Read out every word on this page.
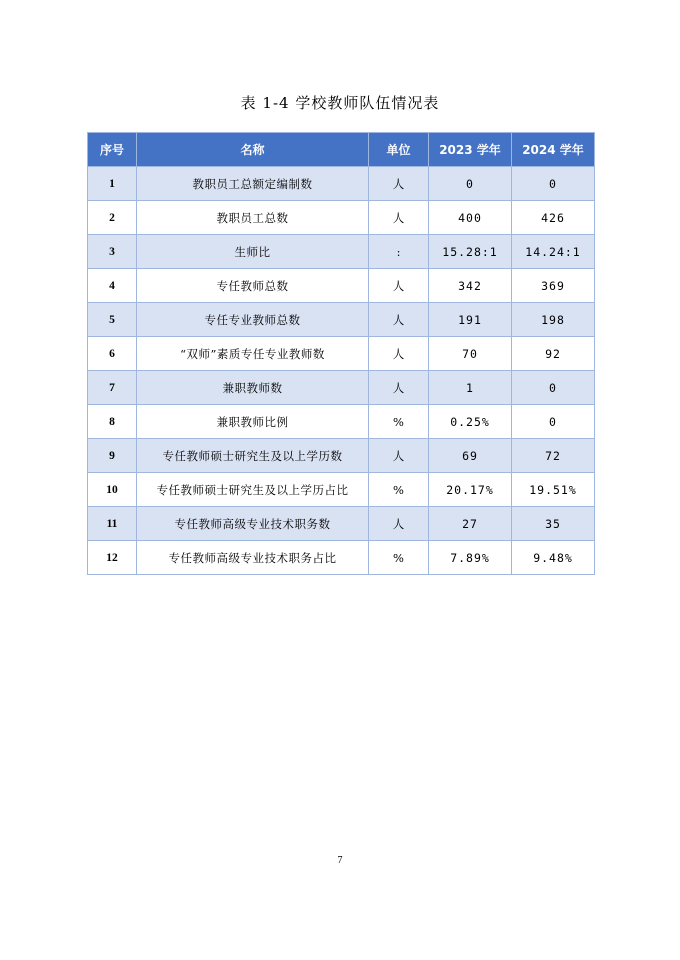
表 1-4 学校教师队伍情况表
序号	名称	单位	2023 学年	2024 学年
1	教职员工总额定编制数	人	0	0
2	教职员工总数	人	400	426
3	生师比	:	15.28:1	14.24:1
4	专任教师总数	人	342	369
5	专任专业教师总数	人	191	198
6	“双师”素质专任专业教师数	人	70	92
7	兼职教师数	人	1	0
8	兼职教师比例	%	0.25%	0
9	专任教师硕士研究生及以上学历数	人	69	72
10	专任教师硕士研究生及以上学历占比	%	20.17%	19.51%
11	专任教师高级专业技术职务数	人	27	35
12	专任教师高级专业技术职务占比	%	7.89%	9.48%
7
